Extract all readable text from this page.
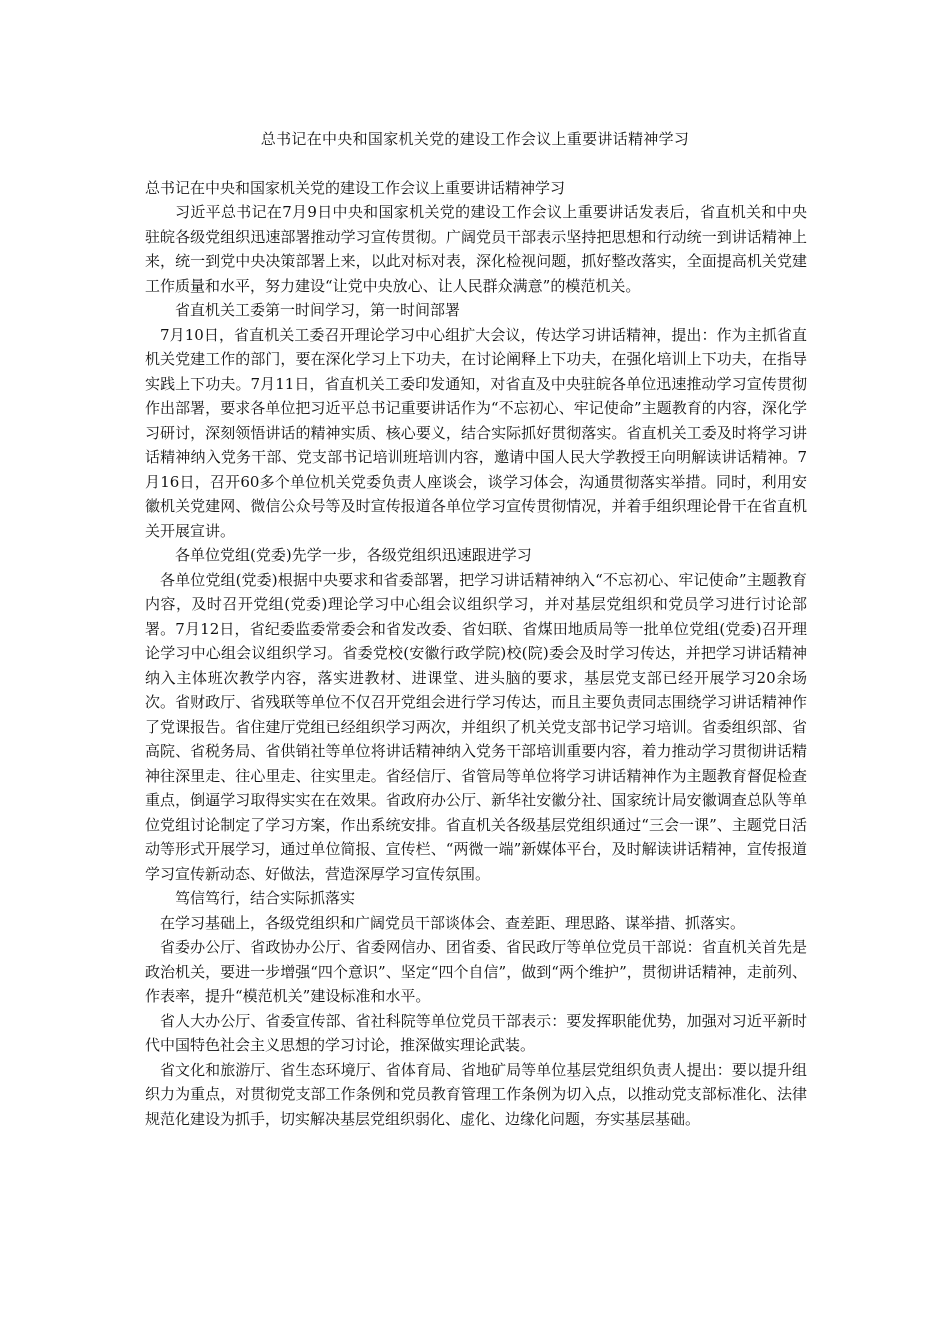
总书记在中央和国家机关党的建设工作会议上重要讲话精神学习

总书记在中央和国家机关党的建设工作会议上重要讲话精神学习

习近平总书记在7月9日中央和国家机关党的建设工作会议上重要讲话发表后，省直机关和中央驻皖各级党组织迅速部署推动学习宣传贯彻。广阔党员干部表示坚持把思想和行动统一到讲话精神上来，统一到党中央决策部署上来，以此对标对表，深化检视问题，抓好整改落实，全面提高机关党建工作质量和水平，努力建设“让党中央放心、让人民群众满意”的模范机关。

省直机关工委第一时间学习，第一时间部署

7月10日，省直机关工委召开理论学习中心组扩大会议，传达学习讲话精神，提出：作为主抓省直机关党建工作的部门，要在深化学习上下功夫，在讨论阐释上下功夫，在强化培训上下功夫，在指导实践上下功夫。7月11日，省直机关工委印发通知，对省直及中央驻皖各单位迅速推动学习宣传贯彻作出部署，要求各单位把习近平总书记重要讲话作为“不忘初心、牢记使命”主题教育的内容，深化学习研讨，深刻领悟讲话的精神实质、核心要义，结合实际抓好贯彻落实。省直机关工委及时将学习讲话精神纳入党务干部、党支部书记培训班培训内容，邀请中国人民大学教授王向明解读讲话精神。7月16日，召开60多个单位机关党委负责人座谈会，谈学习体会，沟通贯彻落实举措。同时，利用安徽机关党建网、微信公众号等及时宣传报道各单位学习宣传贯彻情况，并着手组织理论骨干在省直机关开展宣讲。

各单位党组(党委)先学一步，各级党组织迅速跟进学习

各单位党组(党委)根据中央要求和省委部署，把学习讲话精神纳入“不忘初心、牢记使命”主题教育内容，及时召开党组(党委)理论学习中心组会议组织学习，并对基层党组织和党员学习进行讨论部署。7月12日，省纪委监委常委会和省发改委、省妇联、省煤田地质局等一批单位党组(党委)召开理论学习中心组会议组织学习。省委党校(安徽行政学院)校(院)委会及时学习传达，并把学习讲话精神纳入主体班次教学内容，落实进教材、进课堂、进头脑的要求，基层党支部已经开展学习20余场次。省财政厅、省残联等单位不仅召开党组会进行学习传达，而且主要负责同志围绕学习讲话精神作了党课报告。省住建厅党组已经组织学习两次，并组织了机关党支部书记学习培训。省委组织部、省高院、省税务局、省供销社等单位将讲话精神纳入党务干部培训重要内容，着力推动学习贯彻讲话精神往深里走、往心里走、往实里走。省经信厅、省管局等单位将学习讲话精神作为主题教育督促检查重点，倒逼学习取得实实在在效果。省政府办公厅、新华社安徽分社、国家统计局安徽调查总队等单位党组讨论制定了学习方案，作出系统安排。省直机关各级基层党组织通过“三会一课”、主题党日活动等形式开展学习，通过单位简报、宣传栏、“两微一端”新媒体平台，及时解读讲话精神，宣传报道学习宣传新动态、好做法，营造深厚学习宣传氛围。

笃信笃行，结合实际抓落实

在学习基础上，各级党组织和广阔党员干部谈体会、查差距、理思路、谋举措、抓落实。

省委办公厅、省政协办公厅、省委网信办、团省委、省民政厅等单位党员干部说：省直机关首先是政治机关，要进一步增强“四个意识”、坚定“四个自信”，做到“两个维护”，贯彻讲话精神，走前列、作表率，提升“模范机关”建设标准和水平。

省人大办公厅、省委宣传部、省社科院等单位党员干部表示：要发挥职能优势，加强对习近平新时代中国特色社会主义思想的学习讨论，推深做实理论武装。

省文化和旅游厅、省生态环境厅、省体育局、省地矿局等单位基层党组织负责人提出：要以提升组织力为重点，对贯彻党支部工作条例和党员教育管理工作条例为切入点，以推动党支部标准化、法律规范化建设为抓手，切实解决基层党组织弱化、虚化、边缘化问题，夯实基层基础。
